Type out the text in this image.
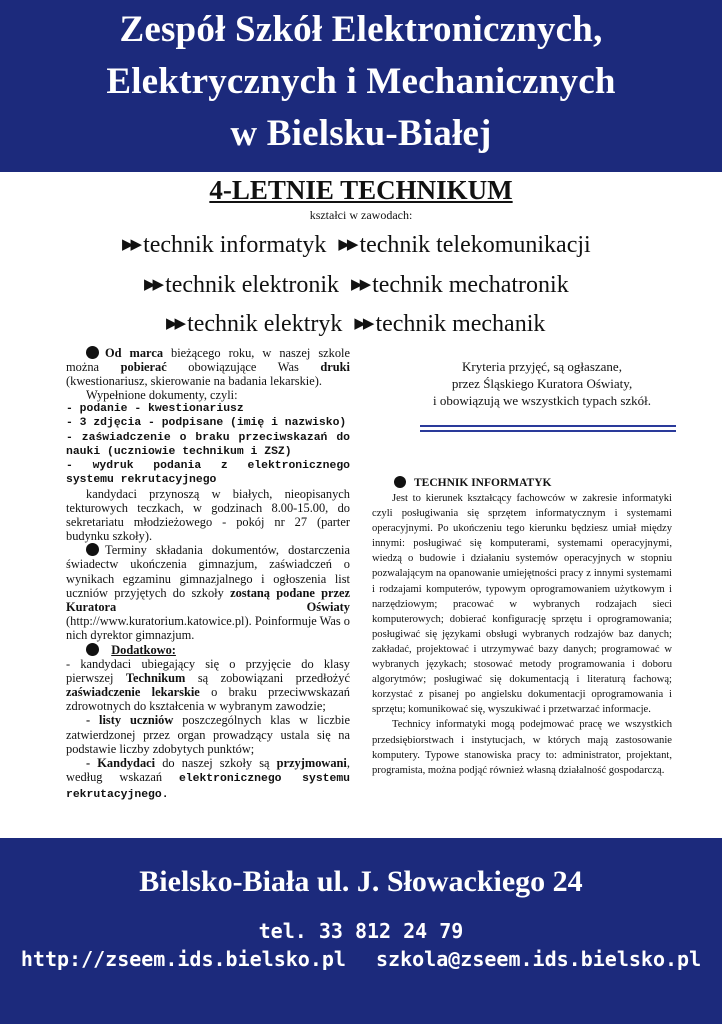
Zespół Szkół Elektronicznych,
Elektrycznych i Mechanicznych
w Bielsku-Białej
4-LETNIE TECHNIKUM
kształci w zawodach:
▶▶ technik informatyk ▶▶ technik telekomunikacji
▶▶ technik elektronik ▶▶ technik mechatronik
▶▶ technik elektryk ▶▶ technik mechanik

Od marca bieżącego roku, w naszej szkole można pobierać obowiązujące Was druki (kwestionariusz, skierowanie na badania lekarskie).

Wypełnione dokumenty, czyli:

- podanie - kwestionariusz

- 3 zdjęcia - podpisane (imię i nazwisko)

- zaświadczenie o braku przeciwskazań do nauki (uczniowie technikum i ZSZ)

- wydruk podania z elektronicznego systemu rekrutacyjnego

kandydaci przynoszą w białych, nieopisanych tekturowych teczkach, w godzinach 8.00-15.00, do sekretariatu młodzieżowego - pokój nr 27 (parter budynku szkoły).

Terminy składania dokumentów, dostarczenia świadectw ukończenia gimnazjum, zaświadczeń o wynikach egzaminu gimnazjalnego i ogłoszenia list uczniów przyjętych do szkoły zostaną podane przez Kuratora Oświaty (http://www.kuratorium.katowice.pl). Poinformuje Was o nich dyrektor gimnazjum.

Dodatkowo:

- kandydaci ubiegający się o przyjęcie do klasy pierwszej Technikum są zobowiązani przedłożyć zaświadczenie lekarskie o braku przeciwwskazań zdrowotnych do kształcenia w wybranym zawodzie;

- listy uczniów poszczególnych klas w liczbie zatwierdzonej przez organ prowadzący ustala się na podstawie liczby zdobytych punktów;

- Kandydaci do naszej szkoły są przyjmowani, według wskazań elektronicznego systemu rekrutacyjnego.

Kryteria przyjęć, są ogłaszane,
przez Śląskiego Kuratora Oświaty,
i obowiązują we wszystkich typach szkół.
TECHNIK INFORMATYK

Jest to kierunek kształcący fachowców w zakresie informatyki czyli posługiwania się sprzętem informatycznym i systemami operacyjnymi. Po ukończeniu tego kierunku będziesz umiał między innymi: posługiwać się komputerami, systemami operacyjnymi, wiedzą o budowie i działaniu systemów operacyjnych w stopniu pozwalającym na opanowanie umiejętności pracy z innymi systemami i rodzajami komputerów, typowym oprogramowaniem użytkowym i narzędziowym; pracować w wybranych rodzajach sieci komputerowych; dobierać konfigurację sprzętu i oprogramowania; posługiwać się językami obsługi wybranych rodzajów baz danych; zakładać, projektować i utrzymywać bazy danych; programować w wybranych językach; stosować metody programowania i doboru algorytmów; posługiwać się dokumentacją i literaturą fachową; korzystać z pisanej po angielsku dokumentacji oprogramowania i sprzętu; komunikować się, wyszukiwać i przetwarzać informacje.

Technicy informatyki mogą podejmować pracę we wszystkich przedsiębiorstwach i instytucjach, w których mają zastosowanie komputery. Typowe stanowiska pracy to: administrator, projektant, programista, można podjąć również własną działalność gospodarczą.

Bielsko-Biała ul. J. Słowackiego 24
tel. 33 812 24 79
http://zseem.ids.bielsko.pl szkola@zseem.ids.bielsko.pl
